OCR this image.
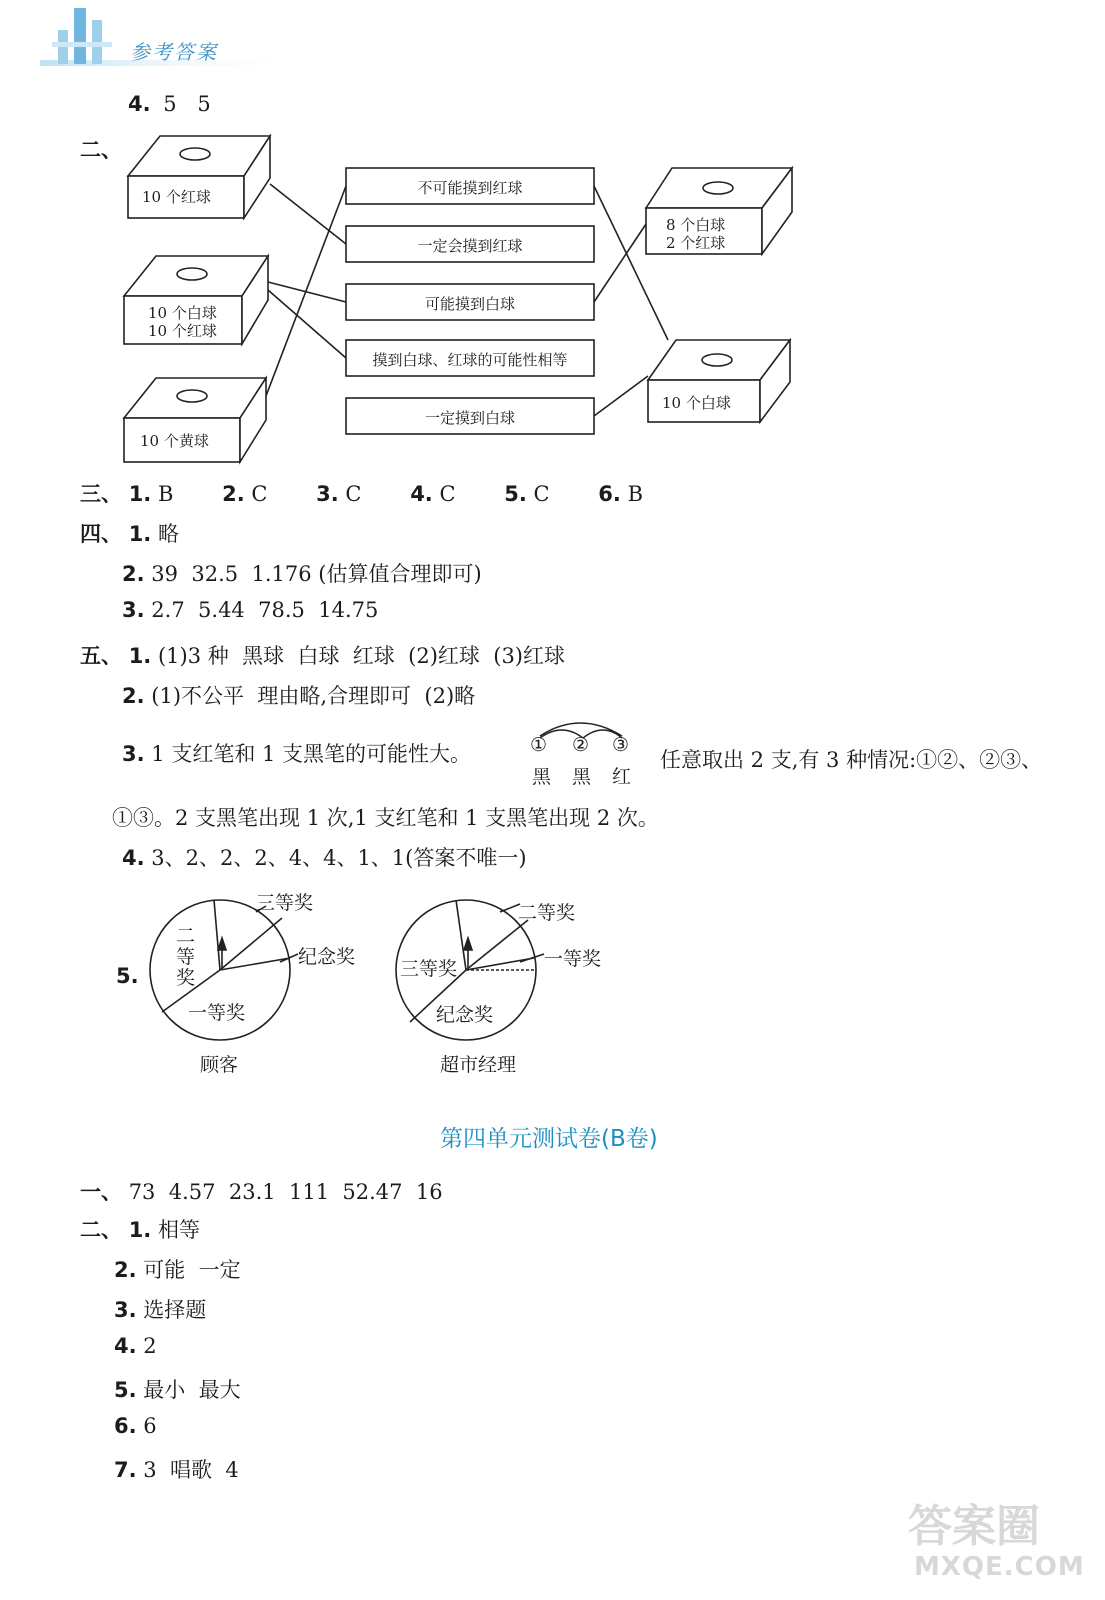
参考答案
4. 5 5
二、
10 个红球
10 个白球
10 个红球
10 个黄球
不可能摸到红球
一定会摸到红球
可能摸到白球
摸到白球、红球的可能性相等
一定摸到白球
8 个白球
2 个红球
10 个白球
三、 1. B 2. C 3. C 4. C 5. C 6. B
四、 1. 略
2. 39  32.5  1.176 (估算值合理即可)
3. 2.7  5.44  78.5  14.75
五、 1. (1)3 种  黑球  白球  红球  (2)红球  (3)红球
2. (1)不公平  理由略,合理即可  (2)略
3. 1 支红笔和 1 支黑笔的可能性大。	① ② ③
黑 黑 红
任意取出 2 支,有 3 种情况:①②、②③、
①③。2 支黑笔出现 1 次,1 支红笔和 1 支黑笔出现 2 次。
4. 3、2、2、2、4、4、1、1(答案不唯一)
5.
三等奖
纪念奖
一等奖
二等奖
顾客
二等奖
一等奖
纪念奖
三等奖
超市经理
第四单元测试卷(B卷)
一、 73  4.57  23.1  111  52.47  16
二、 1. 相等
2. 可能  一定
3. 选择题
4. 2
5. 最小  最大
6. 6
7. 3  唱歌  4
答案圈
MXQE.COM
